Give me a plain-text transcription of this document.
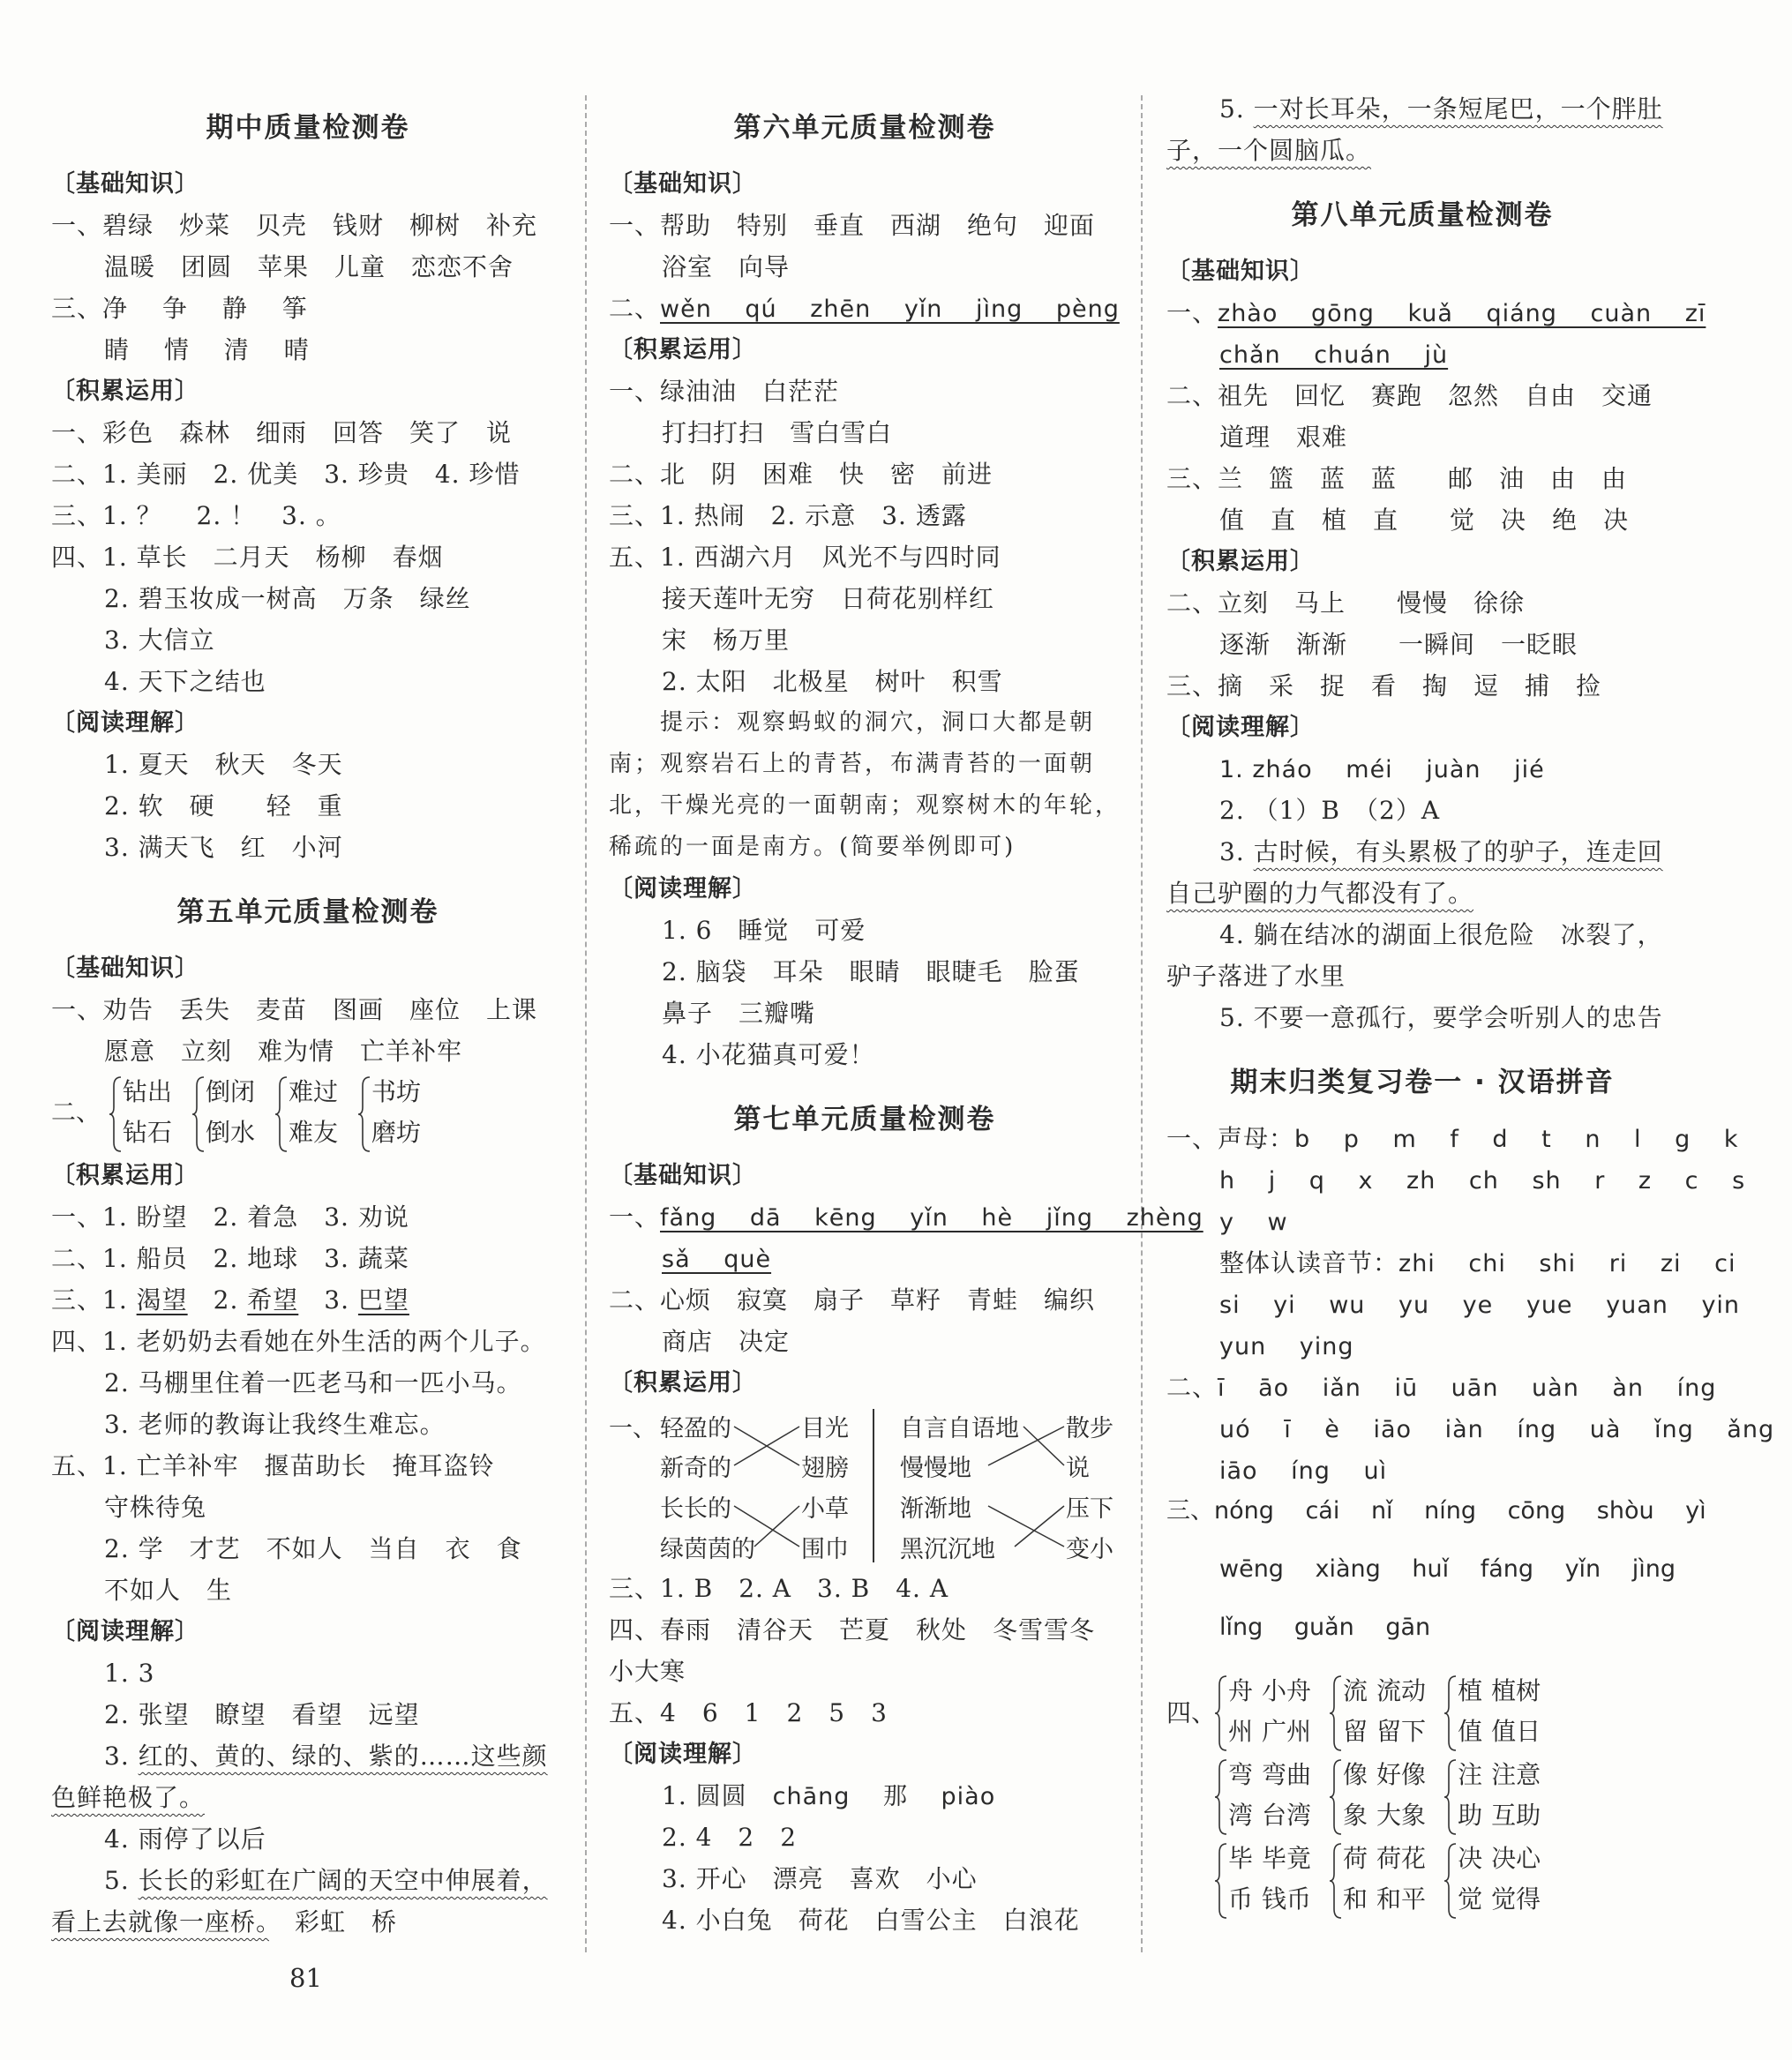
期中质量检测卷
〔基础知识〕
一、碧绿　炒菜　贝壳　钱财　柳树　补充
温暖　团圆　苹果　儿童　恋恋不舍
三、净　 争　 静　 筝
睛　 情　 清　 晴
〔积累运用〕
一、彩色　森林　细雨　回答　笑了　说
二、1. 美丽　2. 优美　3. 珍贵　4. 珍惜
三、1. ？　 2. ！　3. 。
四、1. 草长　二月天　杨柳　春烟
2. 碧玉妆成一树高　万条　绿丝
3. 大信立
4. 天下之结也
〔阅读理解〕
1. 夏天　秋天　冬天
2. 软　硬　　轻　重
3. 满天飞　红　小河
第五单元质量检测卷
〔基础知识〕
一、劝告　丢失　麦苗　图画　座位　上课
愿意　立刻　难为情　亡羊补牢
二、
钻出
钻石
倒闭
倒水
难过
难友
书坊
磨坊
〔积累运用〕
一、1. 盼望　2. 着急　3. 劝说
二、1. 船员　2. 地球　3. 蔬菜
三、1. 渴望　2. 希望　3. 巴望
四、1. 老奶奶去看她在外生活的两个儿子。
2. 马棚里住着一匹老马和一匹小马。
3. 老师的教诲让我终生难忘。
五、1. 亡羊补牢　揠苗助长　掩耳盗铃
守株待兔
2. 学　才艺　不如人　当自　衣　食
不如人　生
〔阅读理解〕
1. 3
2. 张望　瞭望　看望　远望
3. 红的、黄的、绿的、紫的……这些颜
色鲜艳极了。
4. 雨停了以后
5. 长长的彩虹在广阔的天空中伸展着，
看上去就像一座桥。　彩虹　桥
第六单元质量检测卷
〔基础知识〕
一、帮助　特别　垂直　西湖　绝句　迎面
浴室　向导
二、wěn　 qú　 zhēn　 yǐn　 jìng　 pèng
〔积累运用〕
一、绿油油　白茫茫
打扫打扫　雪白雪白
二、北　阴　困难　快　密　前进
三、1. 热闹　2. 示意　3. 透露
五、1. 西湖六月　风光不与四时同
接天莲叶无穷　日荷花别样红
宋　杨万里
2. 太阳　北极星　树叶　积雪
　　提示：观察蚂蚁的洞穴，洞口大都是朝
南；观察岩石上的青苔，布满青苔的一面朝
北，干燥光亮的一面朝南；观察树木的年轮，
稀疏的一面是南方。(简要举例即可)
〔阅读理解〕
1. 6　睡觉　可爱
2. 脑袋　耳朵　眼睛　眼睫毛　脸蛋
鼻子　三瓣嘴
4. 小花猫真可爱！
第七单元质量检测卷
〔基础知识〕
一、fǎng　 dā　 kēng　 yǐn　 hè　 jǐng　 zhèng
sǎ　 què
二、心烦　寂寞　扇子　草籽　青蛙　编织
商店　决定
〔积累运用〕
一、 轻盈的
新奇的
长长的
绿茵茵的
目光
翅膀
小草
围巾
自言自语地
慢慢地
渐渐地
黑沉沉地
散步
说
压下
变小
三、1. B　2. A　3. B　4. A
四、春雨　清谷天　芒夏　秋处　冬雪雪冬
小大寒
五、4　6　1　2　5　3
〔阅读理解〕
1. 圆圆　chāng　 那　 piào
2. 4　2　2
3. 开心　漂亮　喜欢　小心
4. 小白兔　荷花　白雪公主　白浪花
5. 一对长耳朵，一条短尾巴，一个胖肚
子，一个圆脑瓜。
第八单元质量检测卷
〔基础知识〕
一、zhào　 gōng　 kuǎ　 qiáng　 cuàn　 zī
chǎn　 chuán　 jù
二、祖先　回忆　赛跑　忽然　自由　交通
道理　艰难
三、兰　篮　蓝　蓝　　邮　油　由　由
值　直　植　直　　觉　决　绝　决
〔积累运用〕
二、立刻　马上　　慢慢　徐徐
逐渐　渐渐　　一瞬间　一眨眼
三、摘　采　捉　看　掏　逗　捕　捡
〔阅读理解〕
1. zháo　 méi　 juàn　 jié
2. （1）B　（2）A
3. 古时候，有头累极了的驴子，连走回
自己驴圈的力气都没有了。
4. 躺在结冰的湖面上很危险　冰裂了，
驴子落进了水里
5. 不要一意孤行，要学会听别人的忠告
期末归类复习卷一 · 汉语拼音
一、声母：b　 p　 m　 f　 d　 t　 n　 l　 g　 k
h　 j　 q　 x　 zh　 ch　 sh　 r　 z　 c　 s
y　 w
整体认读音节：zhi　 chi　 shi　 ri　 zi　 ci
si　 yi　 wu　 yu　 ye　 yue　 yuan　 yin
yun　 ying
二、ī　 āo　 iǎn　 iū　 uān　 uàn　 àn　 íng
uó　 ī　 è　 iāo　 iàn　 íng　 uà　 ǐng　 ǎng
iāo　 íng　 uì
三、nóng　 cái　 nǐ　 níng　 cōng　 shòu　 yì
wēng　 xiàng　 huǐ　 fáng　 yǐn　 jìng
lǐng　 guǎn　 gān
四、
舟
州
小舟
广州
流
留
流动
留下
植
值
植树
值日
弯
湾
弯曲
台湾
像
象
好像
大象
注
助
注意
互助
毕
币
毕竟
钱币
荷
和
荷花
和平
决
觉
决心
觉得
81
